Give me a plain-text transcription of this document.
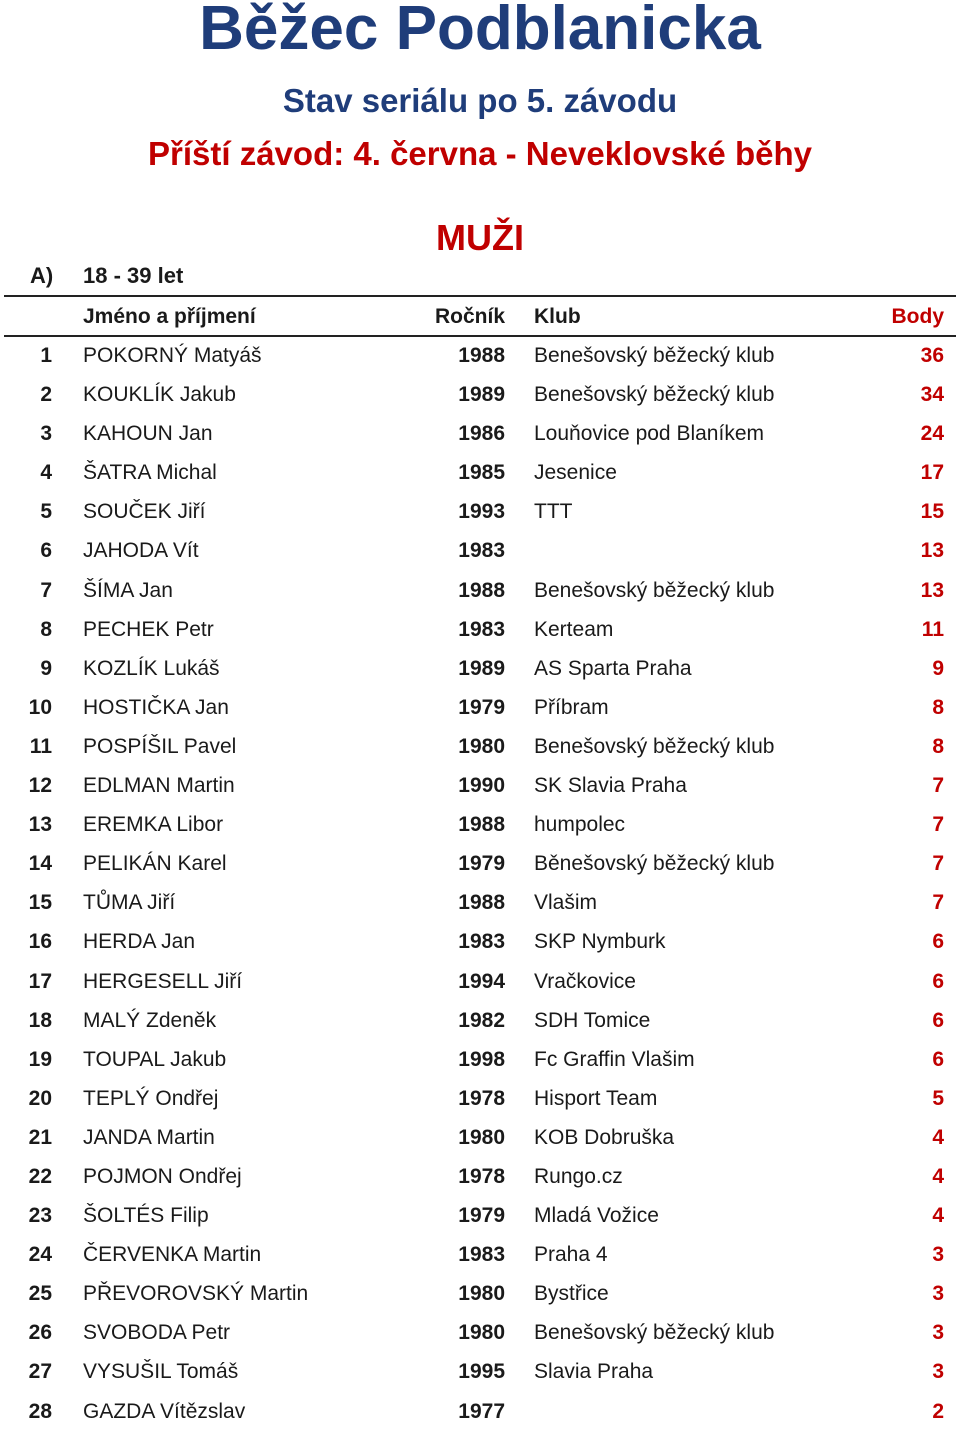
Běžec Podblanicka
Stav seriálu po 5. závodu
Příští závod: 4. června - Neveklovské běhy
MUŽI
A) 18 - 39 let
Jméno a příjmení	Ročník Klub	Body
1 POKORNÝ Matyáš	1988 Benešovský běžecký klub	36
2 KOUKLÍK Jakub	1989 Benešovský běžecký klub	34
3 KAHOUN Jan	1986 Louňovice pod Blaníkem	24
4 ŠATRA Michal	1985 Jesenice	17
5 SOUČEK Jiří	1993 TTT	15
6 JAHODA Vít	1983	13
7 ŠÍMA Jan	1988 Benešovský běžecký klub	13
8 PECHEK Petr	1983 Kerteam	11
9 KOZLÍK Lukáš	1989 AS Sparta Praha	9
10 HOSTIČKA Jan	1979 Příbram	8
11 POSPÍŠIL Pavel	1980 Benešovský běžecký klub	8
12 EDLMAN Martin	1990 SK Slavia Praha	7
13 EREMKA Libor	1988 humpolec	7
14 PELIKÁN Karel	1979 Běnešovský běžecký klub	7
15 TŮMA Jiří	1988 Vlašim	7
16 HERDA Jan	1983 SKP Nymburk	6
17 HERGESELL Jiří	1994 Vračkovice	6
18 MALÝ Zdeněk	1982 SDH Tomice	6
19 TOUPAL Jakub	1998 Fc Graffin Vlašim	6
20 TEPLÝ Ondřej	1978 Hisport Team	5
21 JANDA Martin	1980 KOB Dobruška	4
22 POJMON Ondřej	1978 Rungo.cz	4
23 ŠOLTÉS Filip	1979 Mladá Vožice	4
24 ČERVENKA Martin	1983 Praha 4	3
25 PŘEVOROVSKÝ Martin	1980 Bystřice	3
26 SVOBODA Petr	1980 Benešovský běžecký klub	3
27 VYSUŠIL Tomáš	1995 Slavia Praha	3
28 GAZDA Vítězslav	1977	2
